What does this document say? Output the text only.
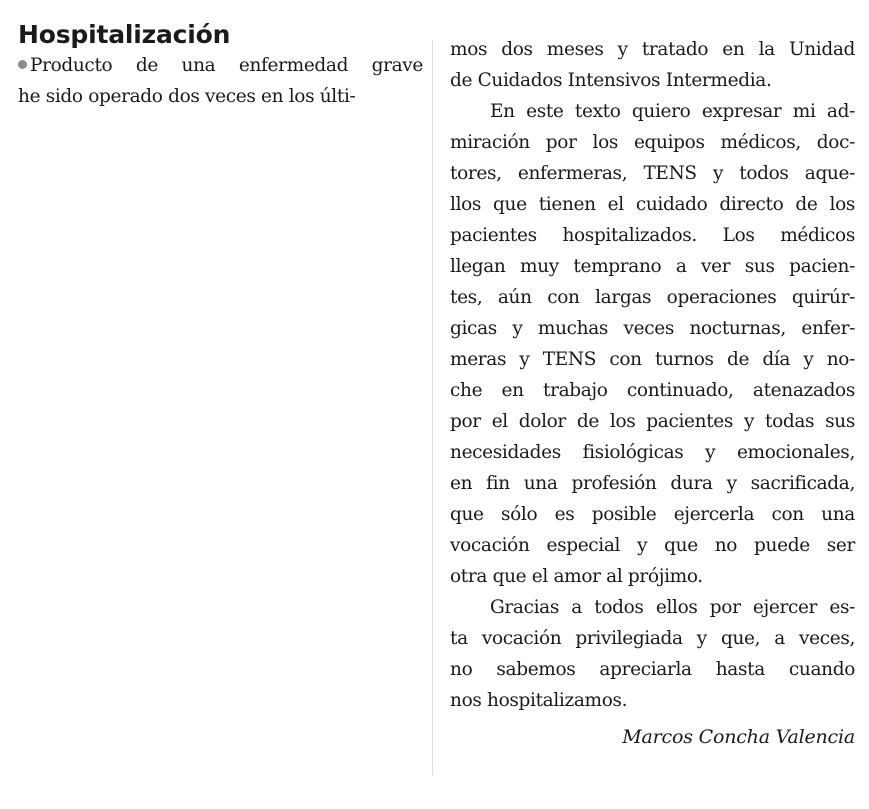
Hospitalización

Producto de una enfermedad grave
he sido operado dos veces en los últi-

mos dos meses y tratado en la Unidad
de Cuidados Intensivos Intermedia.
En este texto quiero expresar mi ad-
miración por los equipos médicos, doc-
tores, enfermeras, TENS y todos aque-
llos que tienen el cuidado directo de los
pacientes hospitalizados. Los médicos
llegan muy temprano a ver sus pacien-
tes, aún con largas operaciones quirúr-
gicas y muchas veces nocturnas, enfer-
meras y TENS con turnos de día y no-
che en trabajo continuado, atenazados
por el dolor de los pacientes y todas sus
necesidades fisiológicas y emocionales,
en fin una profesión dura y sacrificada,
que sólo es posible ejercerla con una
vocación especial y que no puede ser
otra que el amor al prójimo.
Gracias a todos ellos por ejercer es-
ta vocación privilegiada y que, a veces,
no sabemos apreciarla hasta cuando
nos hospitalizamos.
Marcos Concha Valencia
